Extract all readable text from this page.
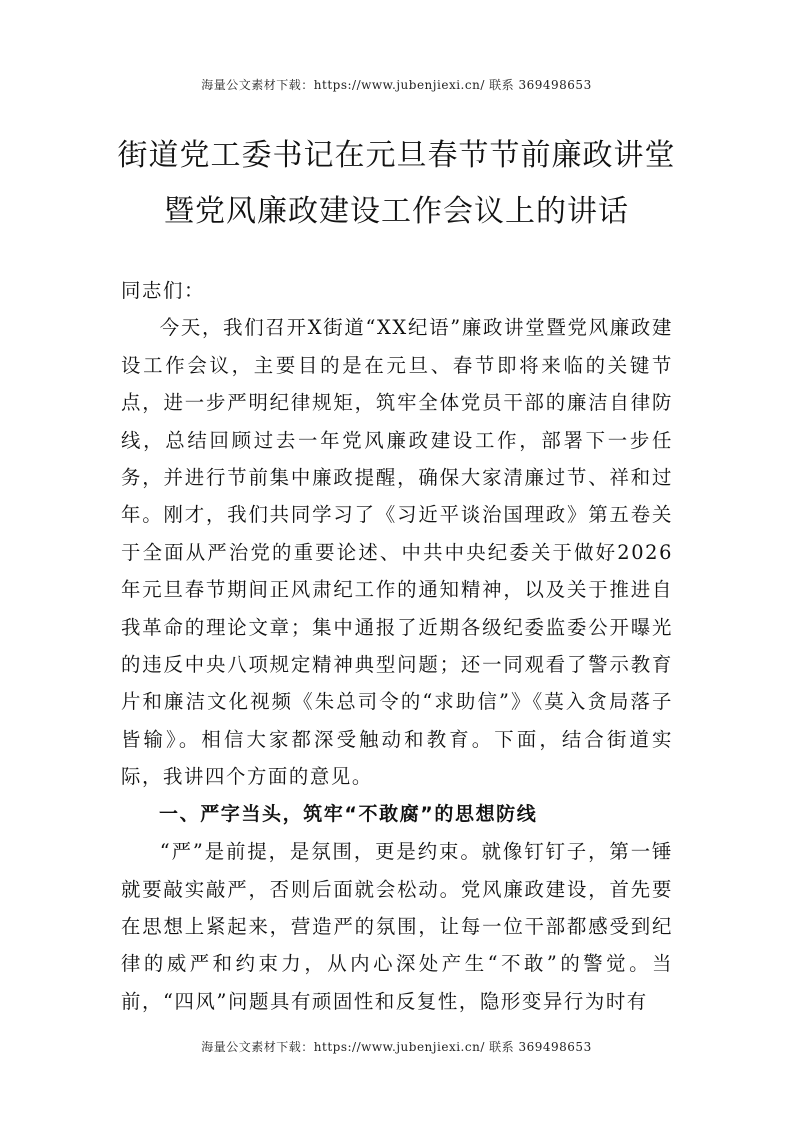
海量公文素材下载：https://www.jubenjiexi.cn/ 联系 369498653
街道党工委书记在元旦春节节前廉政讲堂
暨党风廉政建设工作会议上的讲话

同志们：

今天，我们召开X街道“XX纪语”廉政讲堂暨党风廉政建设工作会议，主要目的是在元旦、春节即将来临的关键节点，进一步严明纪律规矩，筑牢全体党员干部的廉洁自律防线，总结回顾过去一年党风廉政建设工作，部署下一步任务，并进行节前集中廉政提醒，确保大家清廉过节、祥和过年。刚才，我们共同学习了《习近平谈治国理政》第五卷关于全面从严治党的重要论述、中共中央纪委关于做好2026年元旦春节期间正风肃纪工作的通知精神，以及关于推进自我革命的理论文章；集中通报了近期各级纪委监委公开曝光的违反中央八项规定精神典型问题；还一同观看了警示教育片和廉洁文化视频《朱总司令的“求助信”》《莫入贪局落子皆输》。相信大家都深受触动和教育。下面，结合街道实际，我讲四个方面的意见。

一、严字当头，筑牢“不敢腐”的思想防线

“严”是前提，是氛围，更是约束。就像钉钉子，第一锤就要敲实敲严，否则后面就会松动。党风廉政建设，首先要在思想上紧起来，营造严的氛围，让每一位干部都感受到纪律的威严和约束力，从内心深处产生“不敢”的警觉。当前，“四风”问题具有顽固性和反复性，隐形变异行为时有

海量公文素材下载：https://www.jubenjiexi.cn/ 联系 369498653
